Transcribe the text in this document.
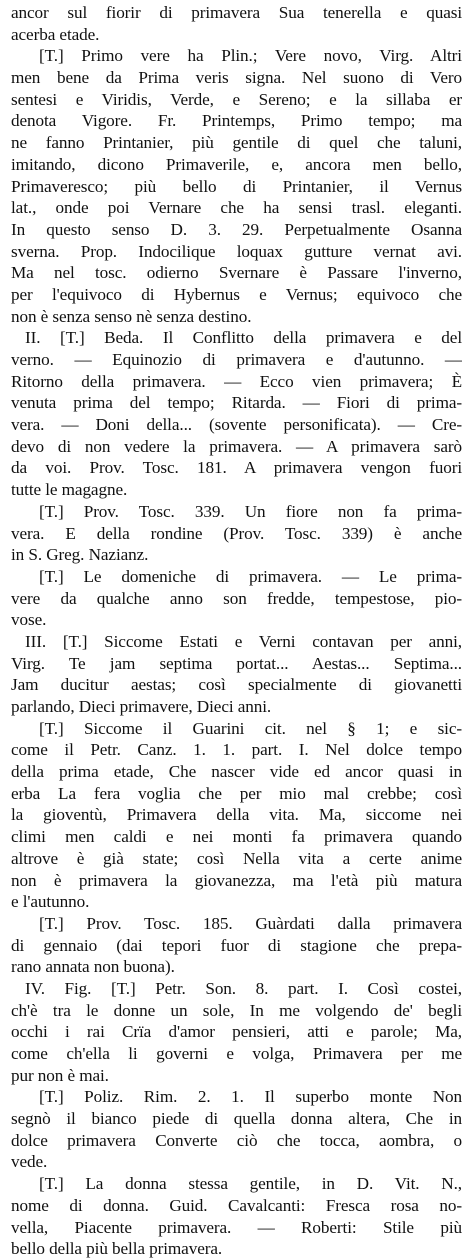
ancor sul fiorir di primavera Sua tenerella e quasi
acerba etade.
[T.] Primo vere ha Plin.; Vere novo, Virg. Altri
men bene da Prima veris signa. Nel suono di Vero
sentesi e Viridis, Verde, e Sereno; e la sillaba er
denota Vigore. Fr. Printemps, Primo tempo; ma
ne fanno Printanier, più gentile di quel che taluni,
imitando, dicono Primaverile, e, ancora men bello,
Primaveresco; più bello di Printanier, il Vernus
lat., onde poi Vernare che ha sensi trasl. eleganti.
In questo senso D. 3. 29. Perpetualmente Osanna
sverna. Prop. Indocilique loquax gutture vernat avi.
Ma nel tosc. odierno Svernare è Passare l'inverno,
per l'equivoco di Hybernus e Vernus; equivoco che
non è senza senso nè senza destino.
II. [T.] Beda. Il Conflitto della primavera e del
verno. — Equinozio di primavera e d'autunno. —
Ritorno della primavera. — Ecco vien primavera; È
venuta prima del tempo; Ritarda. — Fiori di prima-
vera. — Doni della... (sovente personificata). — Cre-
devo di non vedere la primavera. — A primavera sarò
da voi. Prov. Tosc. 181. A primavera vengon fuori
tutte le magagne.
[T.] Prov. Tosc. 339. Un fiore non fa prima-
vera. E della rondine (Prov. Tosc. 339) è anche
in S. Greg. Nazianz.
[T.] Le domeniche di primavera. — Le prima-
vere da qualche anno son fredde, tempestose, pio-
vose.
III. [T.] Siccome Estati e Verni contavan per anni,
Virg. Te jam septima portat... Aestas... Septima...
Jam ducitur aestas; così specialmente di giovanetti
parlando, Dieci primavere, Dieci anni.
[T.] Siccome il Guarini cit. nel § 1; e sic-
come il Petr. Canz. 1. 1. part. I. Nel dolce tempo
della prima etade, Che nascer vide ed ancor quasi in
erba La fera voglia che per mio mal crebbe; così
la gioventù, Primavera della vita. Ma, siccome nei
climi men caldi e nei monti fa primavera quando
altrove è già state; così Nella vita a certe anime
non è primavera la giovanezza, ma l'età più matura
e l'autunno.
[T.] Prov. Tosc. 185. Guàrdati dalla primavera
di gennaio (dai tepori fuor di stagione che prepa-
rano annata non buona).
IV. Fig. [T.] Petr. Son. 8. part. I. Così costei,
ch'è tra le donne un sole, In me volgendo de' begli
occhi i rai Crïa d'amor pensieri, atti e parole; Ma,
come ch'ella li governi e volga, Primavera per me
pur non è mai.
[T.] Poliz. Rim. 2. 1. Il superbo monte Non
segnò il bianco piede di quella donna altera, Che in
dolce primavera Converte ciò che tocca, aombra, o
vede.
[T.] La donna stessa gentile, in D. Vit. N.,
nome di donna. Guid. Cavalcanti: Fresca rosa no-
vella, Piacente primavera. — Roberti: Stile più
bello della più bella primavera.
